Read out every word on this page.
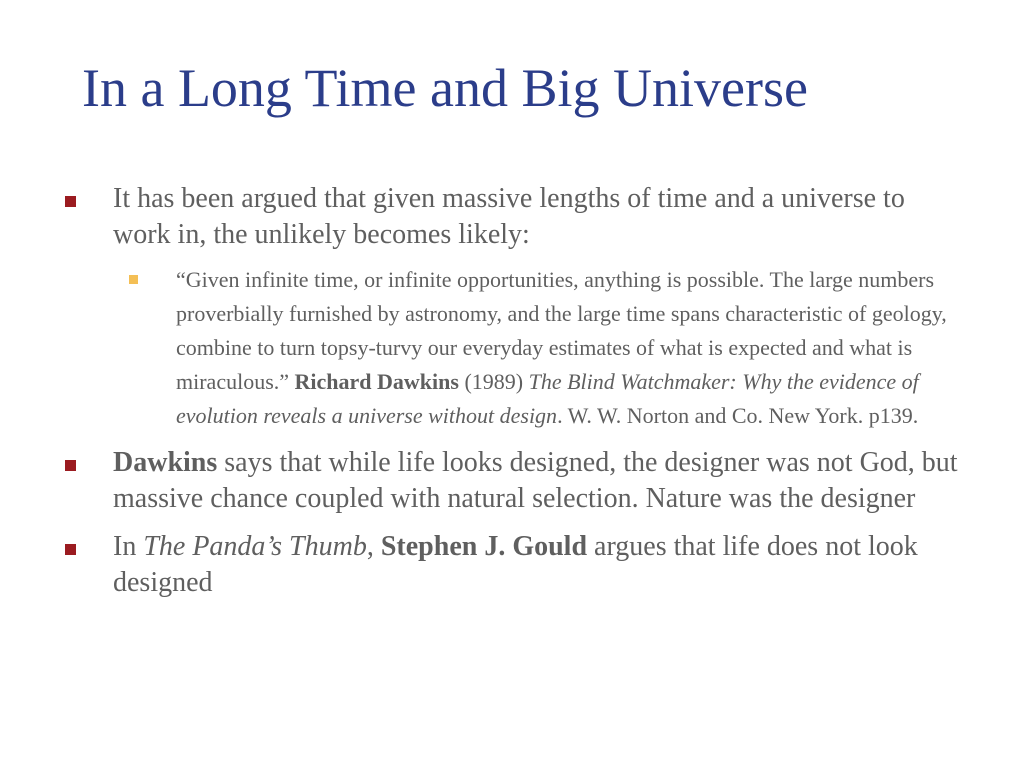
In a Long Time and Big Universe
It has been argued that given massive lengths of time and a universe to work in, the unlikely becomes likely:
“Given infinite time, or infinite opportunities, anything is possible. The large numbers proverbially furnished by astronomy, and the large time spans characteristic of geology, combine to turn topsy-turvy our everyday estimates of what is expected and what is miraculous.” Richard Dawkins (1989) The Blind Watchmaker: Why the evidence of evolution reveals a universe without design. W. W. Norton and Co. New York. p139.
Dawkins says that while life looks designed, the designer was not God, but massive chance coupled with natural selection. Nature was the designer
In The Panda’s Thumb, Stephen J. Gould argues that life does not look designed
